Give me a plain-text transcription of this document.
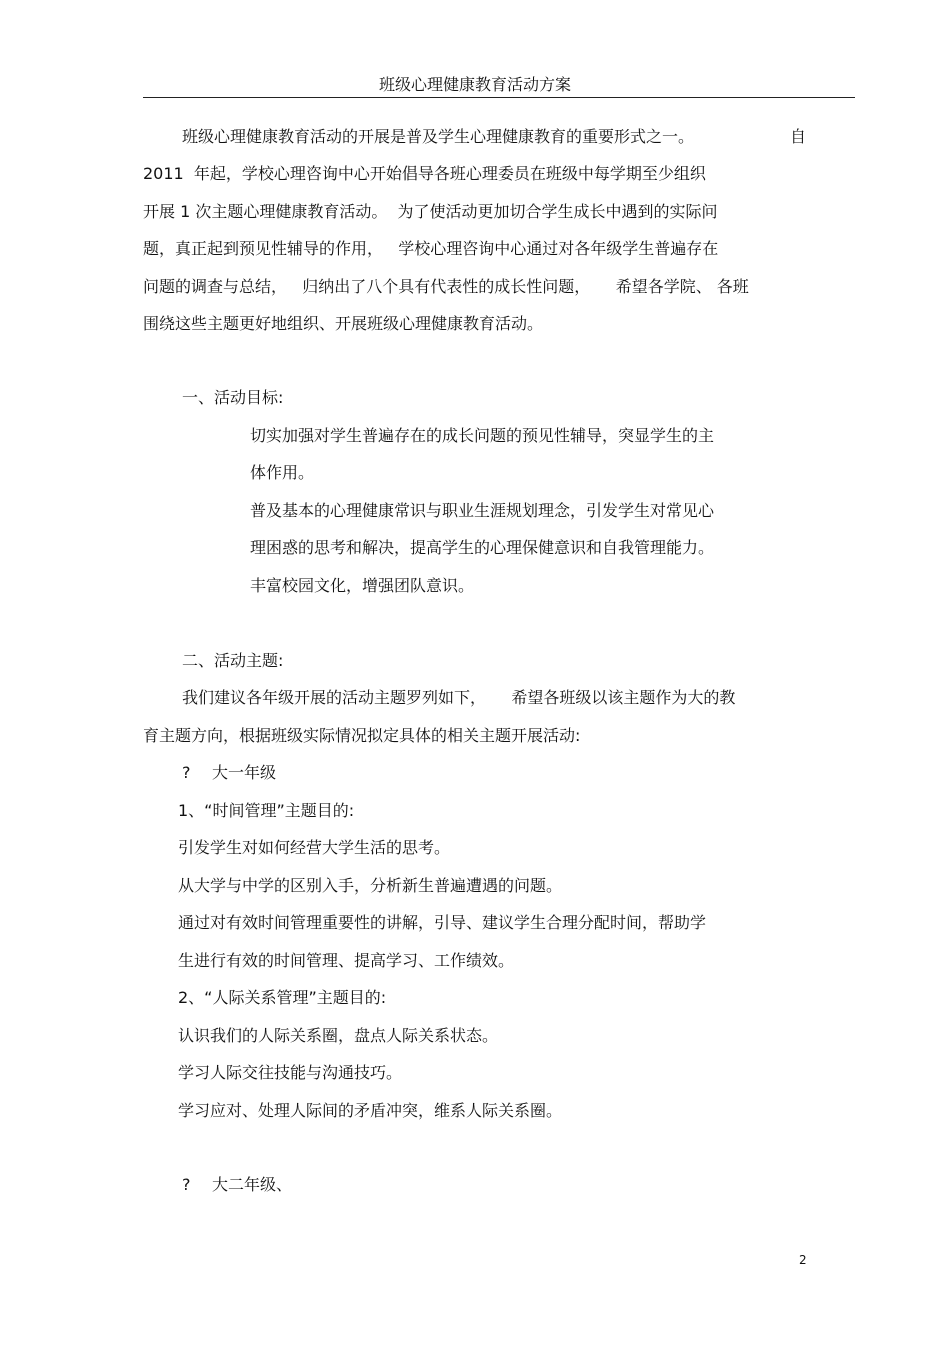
班级心理健康教育活动方案
班级心理健康教育活动的开展是普及学生心理健康教育的重要形式之一。	自
2011  年起，学校心理咨询中心开始倡导各班心理委员在班级中每学期至少组织
开展 1 次主题心理健康教育活动。  为了使活动更加切合学生成长中遇到的实际问
题，真正起到预见性辅导的作用，   学校心理咨询中心通过对各年级学生普遍存在
问题的调查与总结，   归纳出了八个具有代表性的成长性问题，     希望各学院、 各班
围绕这些主题更好地组织、开展班级心理健康教育活动。
一、活动目标:
切实加强对学生普遍存在的成长问题的预见性辅导，突显学生的主
体作用。
普及基本的心理健康常识与职业生涯规划理念，引发学生对常见心
理困惑的思考和解决，提高学生的心理保健意识和自我管理能力。
丰富校园文化，增强团队意识。
二、活动主题:
我们建议各年级开展的活动主题罗列如下，     希望各班级以该主题作为大的教
育主题方向，根据班级实际情况拟定具体的相关主题开展活动:
? 大一年级
1、“时间管理”主题目的:
引发学生对如何经营大学生活的思考。
从大学与中学的区别入手，分析新生普遍遭遇的问题。
通过对有效时间管理重要性的讲解，引导、建议学生合理分配时间，帮助学
生进行有效的时间管理、提高学习、工作绩效。
2、“人际关系管理”主题目的:
认识我们的人际关系圈，盘点人际关系状态。
学习人际交往技能与沟通技巧。
学习应对、处理人际间的矛盾冲突，维系人际关系圈。
? 大二年级、
2
